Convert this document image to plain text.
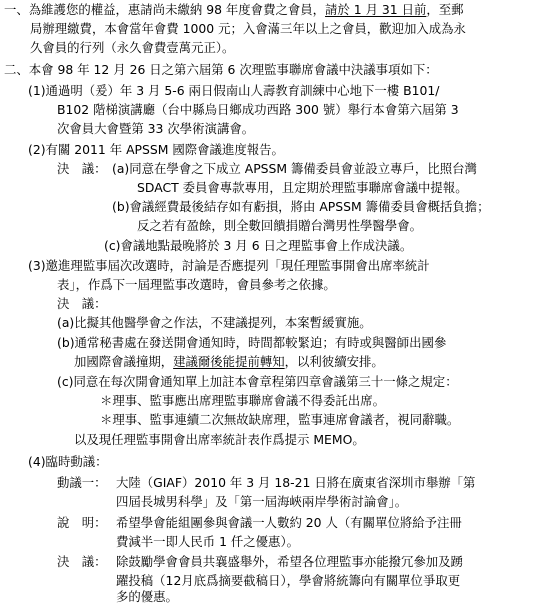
一、為維護您的權益，惠請尚未繳納 98 年度會費之會員，請於 1 月 31 日前，至郵
局辦理繳費，本會當年會費 1000 元；入會滿三年以上之會員，歡迎加入成為永
久會員的行列（永久會費壹萬元正）。
二、本會 98 年 12 月 26 日之第六屆第 6 次理監事聯席會議中決議事項如下：
(1)通過明（爰）年 3 月 5-6 兩日假南山人壽教育訓練中心地下一樓 B101/
B102 階梯演講廳（台中縣烏日鄉成功西路 300 號）舉行本會第六屆第 3
次會員大會暨第 33 次學術演講會。
(2)有關 2011 年 APSSM 國際會議進度報告。
決　議： (a)同意在學會之下成立 APSSM 籌備委員會並設立專戶，比照台灣
SDACT 委員會專款專用，且定期於理監事聯席會議中提報。
(b)會議經費最後結存如有虧損，將由 APSSM 籌備委員會概括負擔；
反之若有盈餘，則全數回饋捐贈台灣男性學醫學會。
(c)會議地點最晚將於 3 月 6 日之理監事會上作成決議。
(3)邀進理監事屆次改選時，討論是否應提列「現任理監事開會出席率統計
表」，作爲下一屆理監事改選時，會員參考之依據。
決　議：
(a)比擬其他醫學會之作法，不建議提列，本案暫緩實施。
(b)通常秘書處在發送開會通知時，時間都較緊迫；有時或與醫師出國參
加國際會議撞期，建議爾後能提前轉知，以利彼續安排。
(c)同意在每次開會通知單上加註本會章程第四章會議第三十一條之規定：
＊理事、監事應出席理監事聯席會議不得委託出席。
＊理事、監事連續二次無故缺席理，監事連席會議者，視同辭職。
以及現任理監事開會出席率統計表作爲提示 MEMO。
(4)臨時動議：
動議一： 大陸（GIAF）2010 年 3 月 18-21 日將在廣東省深圳市舉辦「第
四屆長城男科學」及「第一屆海峽兩岸學術討論會」。
說　明： 希望學會能組團參與會議一人數約 20 人（有關單位將給予注冊
費減半一即人民币 1 仟之優惠）。
決　議： 除鼓勵學會會員共襄盛舉外，希望各位理監事亦能撥冗參加及踴
躍投稿（12月底爲摘要截稿日），學會將統籌向有關單位爭取更
多的優惠。
